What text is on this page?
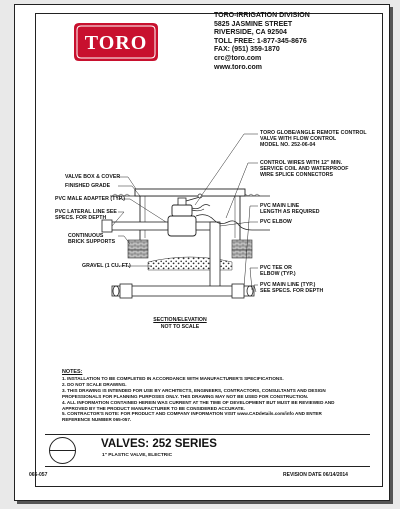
TORO
TORO-IRRIGATION DIVISION
5825 JASMINE STREET
RIVERSIDE, CA 92504
TOLL FREE: 1-877-345-8676
FAX: (951) 359-1870
crc@toro.com
www.toro.com
TORO GLOBE/ANGLE REMOTE CONTROL
VALVE WITH FLOW CONTROL
MODEL NO. 252-06-04
CONTROL WIRES WITH 12" MIN.
SERVICE COIL AND WATERPROOF
WIRE SPLICE CONNECTORS
PVC MAIN LINE
LENGTH AS REQUIRED
PVC ELBOW
PVC TEE OR
ELBOW (TYP.)
PVC MAIN LINE (TYP.)
SEE SPECS. FOR DEPTH
VALVE BOX & COVER
FINISHED GRADE
PVC MALE ADAPTER (TYP.)
PVC LATERAL LINE SEE
SPECS. FOR DEPTH
CONTINUOUS
BRICK SUPPORTS
GRAVEL (1 CU. FT.)
SECTION/ELEVATION
NOT TO SCALE
NOTES:
1. INSTALLATION TO BE COMPLETED IN ACCORDANCE WITH MANUFACTURER'S SPECIFICATIONS.
2. DO NOT SCALE DRAWING.
3. THIS DRAWING IS INTENDED FOR USE BY ARCHITECTS, ENGINEERS, CONTRACTORS, CONSULTANTS AND DESIGN
PROFESSIONALS FOR PLANNING PURPOSES ONLY. THIS DRAWING MAY NOT BE USED FOR CONSTRUCTION.
4. ALL INFORMATION CONTAINED HEREIN WAS CURRENT AT THE TIME OF DEVELOPMENT BUT MUST BE REVIEWED AND
APPROVED BY THE PRODUCT MANUFACTURER TO BE CONSIDERED ACCURATE.
5. CONTRACTOR'S NOTE: FOR PRODUCT AND COMPANY INFORMATION VISIT www.CADdetails.com/info AND ENTER
REFERENCE NUMBER 065-057.
VALVES: 252 SERIES
1" PLASTIC VALVE, ELECTRIC
065-057	REVISION DATE 06/14/2014
